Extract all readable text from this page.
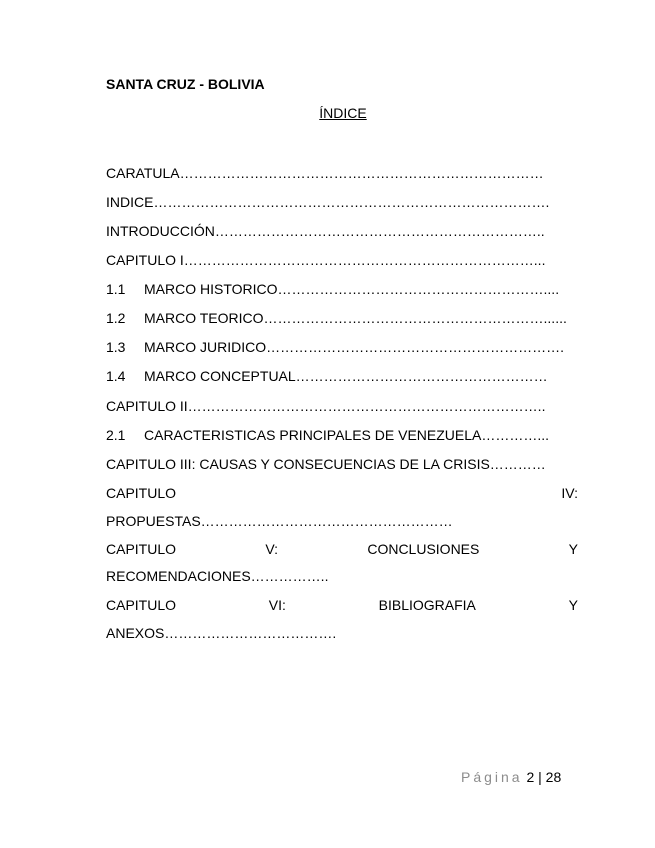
SANTA CRUZ - BOLIVIA
ÍNDICE
CARATULA……………………………………………………………………
INDICE………………………………………………………………………….
INTRODUCCIÓN……………………………………………………………..
CAPITULO I…………………………………………………………………...
1.1 MARCO HISTORICO…………………………………………………....
1.2 MARCO TEORICO……………………………………………………......
1.3 MARCO JURIDICO……………………………………………………….
1.4 MARCO CONCEPTUAL………………………………………………
CAPITULO II…………………………………………………………………..
2.1 CARACTERISTICAS PRINCIPALES DE VENEZUELA…………...
CAPITULO III: CAUSAS Y CONSECUENCIAS DE LA CRISIS…………
CAPITULO	IV:
PROPUESTAS………………………………………………
CAPITULO	V:	CONCLUSIONES	Y
RECOMENDACIONES……………..
CAPITULO	VI:	BIBLIOGRAFIA	Y
ANEXOS……………………………….
Página 2 | 28
